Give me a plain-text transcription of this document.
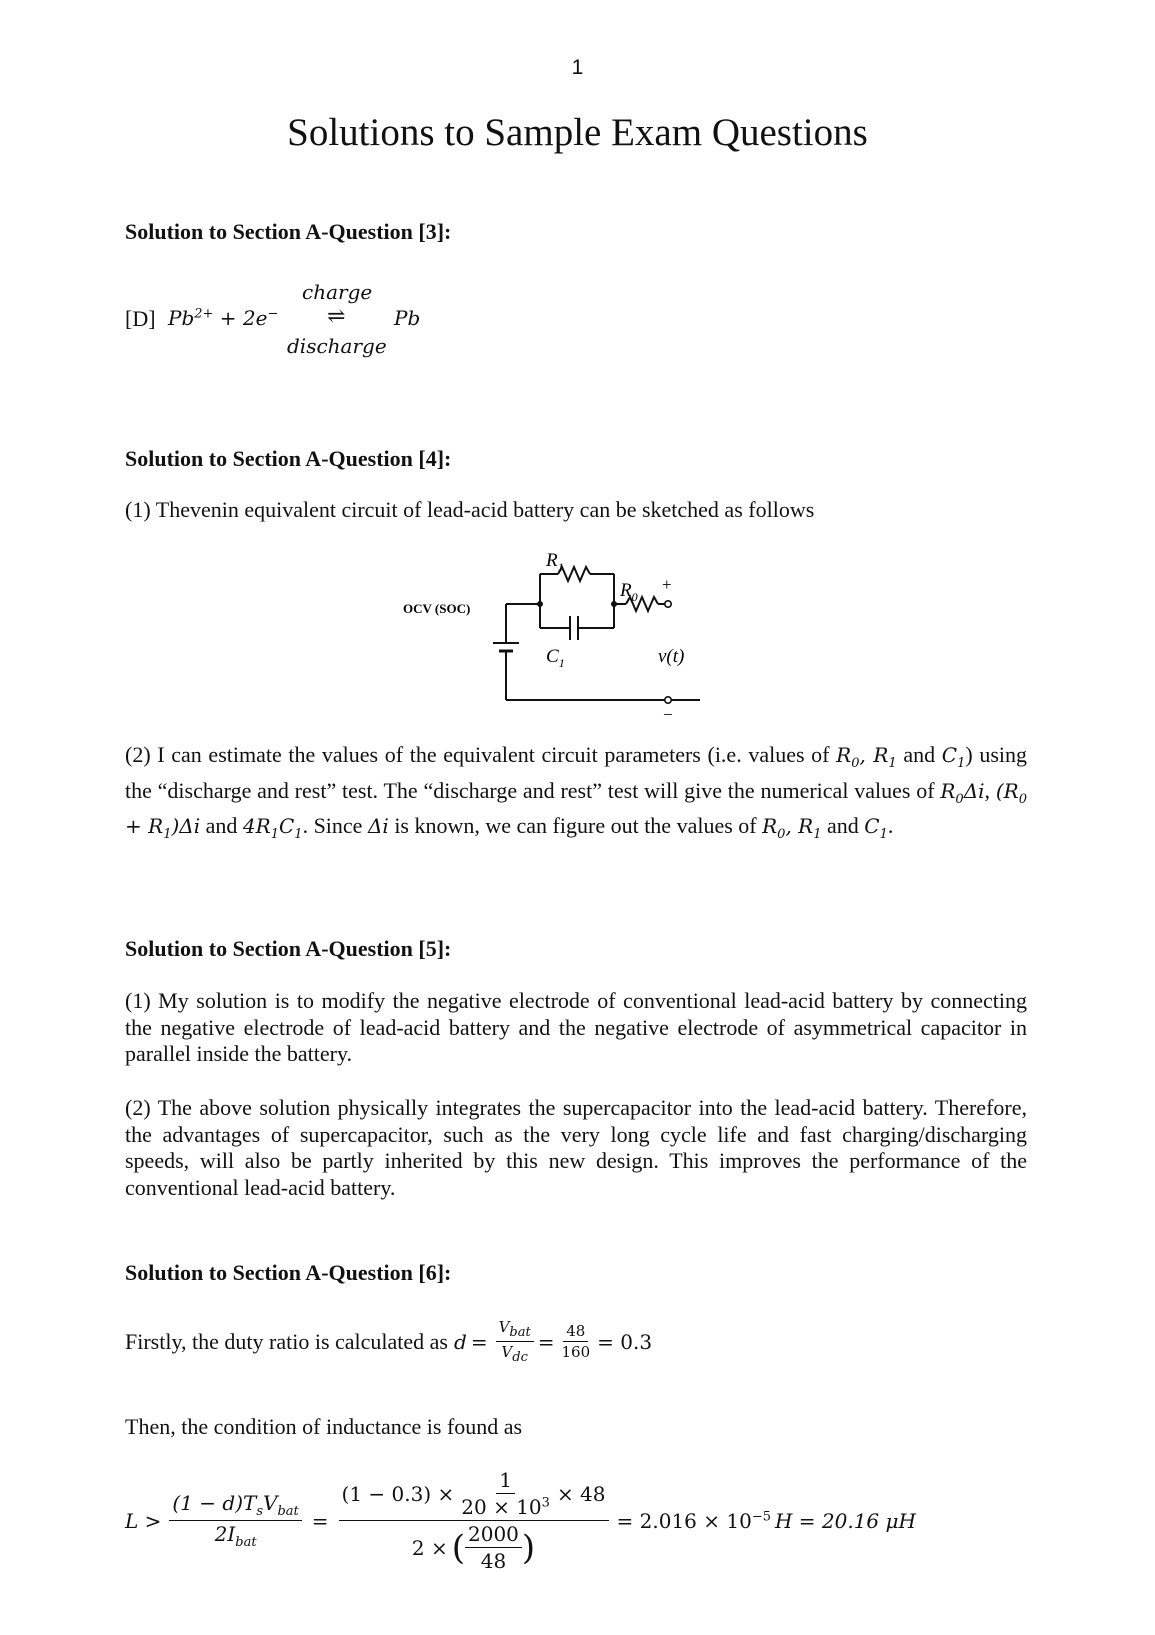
1
Solutions to Sample Exam Questions
Solution to Section A-Question [3]:
[D] $Pb^{2+} + 2e^-$
charge
⇌
discharge
Pb
Solution to Section A-Question [4]:
(1) Thevenin equivalent circuit of lead-acid battery can be sketched as follows
$R_1$
$R_0$
$C_1$
OCV (SOC)
v(t)
+
−
(2) I can estimate the values of the equivalent circuit parameters (i.e. values of $R_0$, $R_1$ and $C_1$) using the “discharge and rest” test. The “discharge and rest” test will give the numerical values of $R_0\Delta i$, $(R_0 + R_1)\Delta i$ and $4R_1C_1$. Since Δi is known, we can figure out the values of $R_0$, $R_1$ and $C_1$.
Solution to Section A-Question [5]:
(1) My solution is to modify the negative electrode of conventional lead-acid battery by connecting the negative electrode of lead-acid battery and the negative electrode of asymmetrical capacitor in parallel inside the battery.
(2) The above solution physically integrates the supercapacitor into the lead-acid battery. Therefore, the advantages of supercapacitor, such as the very long cycle life and fast charging/discharging speeds, will also be partly inherited by this new design. This improves the performance of the conventional lead-acid battery.
Solution to Section A-Question [6]:
Firstly, the duty ratio is calculated as $d = \frac{V_{bat}}{V_{dc}} = \frac{48}{160} = 0.3$
Then, the condition of inductance is found as
$L > \frac{(1 - d)T_sV_{bat}}{2I_{bat}}$ =
$(1 - 0.3) \times \frac{1}{20 \times 10^3} \times 48$
2 × ( $\frac{2000}{48}$ )
= $2.016 \times 10^{-5}$ H = 20.16 μH
